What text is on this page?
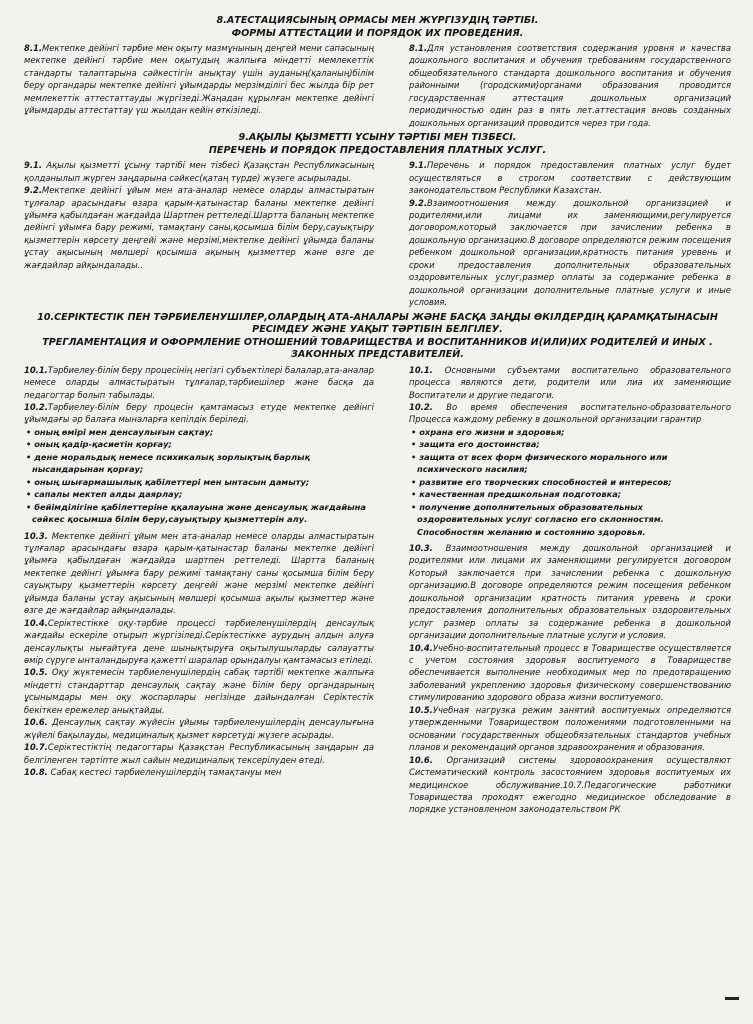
8.АТЕСТАЦИЯСЫНЫҢ ОРМАСЫ МЕН ЖҮРГІЗУДІҢ ТӘРТІБІ.

ФОРМЫ АТТЕСТАЦИИ И ПОРЯДОК ИХ ПРОВЕДЕНИЯ.

8.1.Мектепке дейінгі тәрбие мен оқыту мазмұнының деңгей мени сапасының мектепке дейінгі тәрбие мен оқытудың жалпыға міндетті мемлекеттік стандарты талаптарына сәйкестігін анықтау үшін ауданың(қаланың)білім беру органдары мектепке дейінгі ұйымдарды мерзімділігі бес жылда бір рет мемлекеттік аттестаттауды жүргізеді.Жаңадан құрылған мектепке дейінгі ұйымдарды аттестаттау үш жылдан кейін өткізіледі.

8.1.Для установления соответствия содержания уровня и качества дошкольного воспитания и обучения требованиям государственного общеобязательного стандарта дошкольного воспитания и обучения районными (городскими)органами образования проводится государственная аттестация дошкольных организаций периодичностью один раз в пять лет.аттестация вновь созданных дошкольных организаций проводится через три года.

9.АҚЫЛЫ ҚЫЗМЕТТІ ҰСЫНУ ТӘРТІБІ МЕН ТІЗБЕСІ.

ПЕРЕЧЕНЬ И ПОРЯДОК ПРЕДОСТАВЛЕНИЯ ПЛАТНЫХ УСЛУГ.

9.1. Ақылы қызметті ұсыну тәртібі мен тізбесі Қазақстан Республикасының қолданылып жүрген заңдарына сәйкес(қатаң түрде) жүзеге асырылады.

9.2.Мектепке дейінгі ұйым мен ата-аналар немесе оларды алмастыратын тұлғалар арасындағы өзара қарым-қатынастар баланы мектепке дейінгі ұйымға қабылдаған жағдайда Шартпен реттеледі.Шартта баланың мектепке дейінгі ұйымға бару режимі, тамақтану саны,қосымша білім беру,сауықтыру қызметтерін көрсету деңгейі және мерзімі,мектепке дейінгі ұйымда баланы ұстау ақысының мөлшері қосымша ақының қызметтер және өзге де жағдайлар айқындалады..

9.1.Перечень и порядок предоставления платных услуг будет осуществляться в строгом соответствии с действующим законодательством Республики Казахстан.

9.2.Взаимоотношения между дошкольной организацией и родителями,или лицами их заменяющими,регулируется договором,который заключается при зачислении ребенка в дошкольную организацию.В договоре определяются режим посещения ребенком дошкольной организации,кратность питания уревень и сроки предоставления дополнительных образовательных оздоровительных услуг,размер оплаты за содержание ребенка в дошкольной организации дополнительные платные услуги и иные условия.

10.СЕРІКТЕСТІК ПЕН ТӘРБИЕЛЕНУШІЛЕР,ОЛАРДЫҢ АТА-АНАЛАРЫ ЖӘНЕ БАСҚА ЗАҢДЫ ӨКІЛДЕРДІҢ ҚАРАМҚАТЫНАСЫН

РЕСІМДЕУ ЖӘНЕ УАҚЫТ ТӘРТІБІН БЕЛГІЛЕУ.

ТРЕГЛАМЕНТАЦИЯ И ОФОРМЛЕНИЕ ОТНОШЕНИЙ ТОВАРИЩЕСТВА И ВОСПИТАННИКОВ И(ИЛИ)ИХ РОДИТЕЛЕЙ И ИНЫХ .

ЗАКОННЫХ ПРЕДСТАВИТЕЛЕЙ.

10.1.Тәрбиелеу-білім беру процесінің негізгі субъектілері балалар,ата-аналар немесе оларды алмастыратын тұлғалар,тәрбиешілер және басқа да педагогтар болып табылады.

10.2.Тәрбиелеу-білім беру процесін қамтамасыз етуде мектепке дейінгі ұйымдағы әр балаға мыналарға кепілдік беріледі.

• оның өмірі мен денсаулығын сақтау;

• оның қадір-қасиетін қорғау;

• дене моральдық немесе психикалық зорлықтың барлық нысандарынан қорғау;

• оның шығармашылық қабілеттері мен ынтасын дамыту;

• сапалы мектеп алды даярлау;

• бейімділігіне қабілеттеріне ққалауына және денсаулық жағдайына сәйкес қосымша білім беру,сауықтыру қызметтерін алу.

10.3. Мектепке дейінгі ұйым мен ата-аналар немесе оларды алмастыратын тұлғалар арасындағы өзара қарым-қатынастар баланы мектепке дейінгі ұйымға қабылдаған жағдайда шартпен реттеледі. Шартта баланың мектепке дейінгі ұйымға бару режимі тамақтану саны қосымша білім беру сауықтыру қызметтерін көрсету деңгейі және мерзімі мектепке дейінгі ұйымда баланы ұстау ақысының мөлшері қосымша ақылы қызметтер және өзге де жағдайлар айқындалады.

10.4.Серіктестікке оқу-тәрбие процессі тәрбиеленушілердің денсаулық жағдайы ескеріле отырып жүргізіледі.Серіктестікке аурудың алдын алуға денсаулықты нығайтуға дене шынықтыруға оқытылушыларды салауатты өмір сүруге ынталандыруға қажетті шаралар орындалуы қамтамасыз етіледі.

10.5. Оқу жүктемесін тәрбиеленушілердің сабақ тәртібі мектепке жалпыға міндетті стандарттар денсаулық сақтау және білім беру органдарының ұсынымдары мен оқу жоспарлары негізінде дайындалған Серіктестік бекіткен ережелер анықтайды.

10.6. Денсаулық сақтау жүйесін ұйымы тәрбиеленушілердің денсаулығына жүйелі бақылауды, медициналық қызмет көрсетуді жүзеге асырады.

10.7.Серіктестіктің педагогтары Қазақстан Республикасының заңдарын да белгіленген тәртіпте жыл сайын медициналық тексерілуден өтеді.

10.8. Сабақ кестесі тәрбиеленушілердің тамақтануы мен

10.1. Основными субъектами воспитательно образовательного процесса являются дети, родители или лиа их заменяющие Воспитатели и другие педагоги.

10.2. Во время обеспечения воспитательно-образовательного Процесса каждому ребенку в дошкольной организации гарантир

• охрана его жизни и здоровья;

• защита его достоинства;

• защита от всех форм физического морального или психического насилия;

• развитие его творческих способностей и интересов;

• качественная предшкольная подготовка;

• получение дополнительных образовательных оздоровительных услуг согласно его склонностям. Способностям желанию и состоянию здоровья.

10.3. Взаимоотношения между дошкольной организацией и родителями или лицами их заменяющими регулируется договором Который заключается при зачислении ребенка с дошкольную организацию.В договоре определяются режим посещения ребенком дошкольной организации кратность питания уревень и сроки предоставления дополнительных образовательных оздоровительных услуг размер оплаты за содержание ребенка в дошкольной организации дополнительные платные услуги и условия.

10.4.Учебно-воспитательный процесс в Товариществе осуществляется с учетом состояния здоровья воспитуемого в Товариществе обеспечивается выполнение необходимых мер по предотвращению заболеваний укреплению здоровья физическому совершенствованию стимулированию здорового образа жизни воспитуемого.

10.5.Учебная нагрузка режим занятий воспитуемых определяются утвержденными Товариществом положениями подготовленными на основании государственных общеобязательных стандартов учебных планов и рекомендаций органов здравоохранения и образования.

10.6. Организаций системы здоровоохранения осуществляют Систематический контроль засостоянием здоровья воспитуемых их медицинское обслуживание.10.7.Педагогические работники Товарищества проходят ежегодно медицинское обследование в порядке установленном законодательством РК
